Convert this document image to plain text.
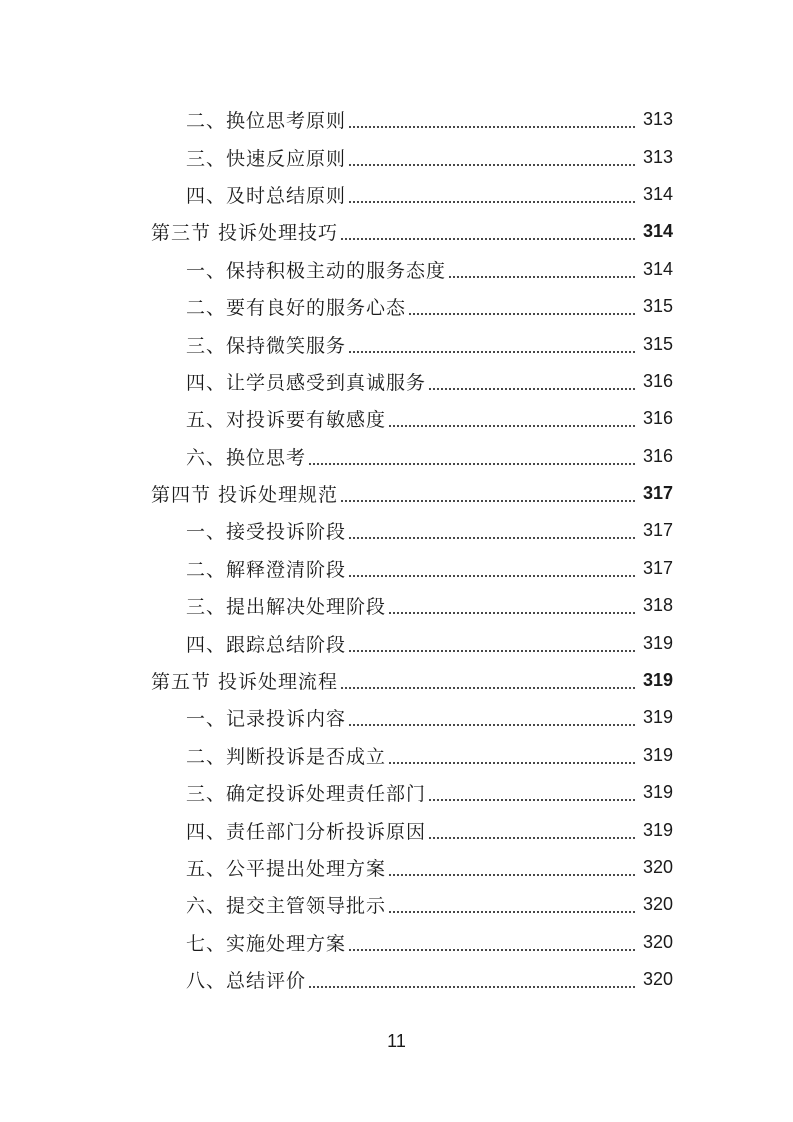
二、换位思考原则	313
三、快速反应原则	313
四、及时总结原则	314
第三节 投诉处理技巧	314
一、保持积极主动的服务态度	314
二、要有良好的服务心态	315
三、保持微笑服务	315
四、让学员感受到真诚服务	316
五、对投诉要有敏感度	316
六、换位思考	316
第四节 投诉处理规范	317
一、接受投诉阶段	317
二、解释澄清阶段	317
三、提出解决处理阶段	318
四、跟踪总结阶段	319
第五节 投诉处理流程	319
一、记录投诉内容	319
二、判断投诉是否成立	319
三、确定投诉处理责任部门	319
四、责任部门分析投诉原因	319
五、公平提出处理方案	320
六、提交主管领导批示	320
七、实施处理方案	320
八、总结评价	320
11
